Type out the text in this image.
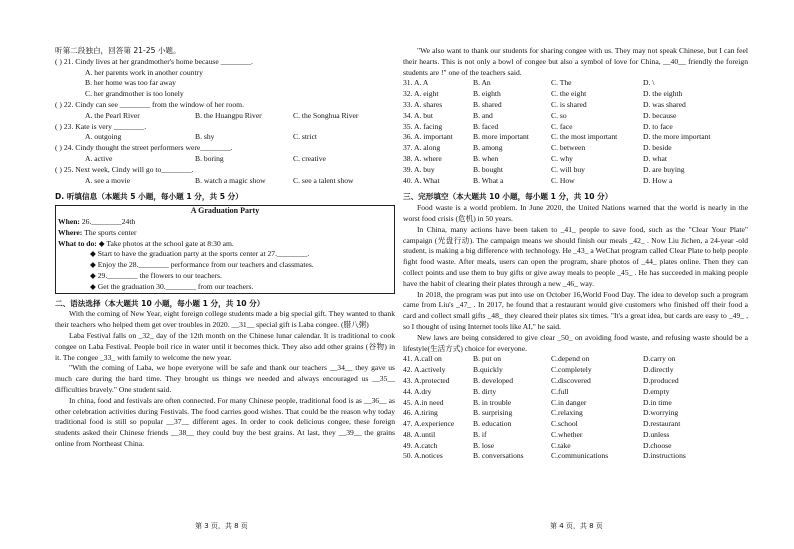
听第二段独白，回答第 21-25 小题。
( ) 21. Cindy lives at her grandmother's home because ________.
A. her parents work in another country
B. her home was too far away
C. her grandmother is too lonely
( ) 22. Cindy can see ________ from the window of her room.
A. the Pearl River	B. the Huangpu River	C. the Songhua River
( ) 23. Kate is very ________.
A. outgoing	B. shy	C. strict
( ) 24. Cindy thought the street performers were________.
A. active	B. boring	C. creative
( ) 25. Next week, Cindy will go to________.
A. see a movie	B. watch a magic show	C. see a talent show
D. 听填信息（本题共 5 小题，每小题 1 分，共 5 分）
A Graduation Party
When:
26.________24th
Where:
The sports center
What to do:
◆ Take photos at the school gate at 8:30 am.
◆ Start to have the graduation party at the sports center at 27.________.
◆ Enjoy the 28.________ performance from our teachers and classmates.
◆ 29.________ the flowers to our teachers.
◆ Get the graduation 30.________ from our teachers.
二、语法选择（本大题共 10 小题，每小题 1 分，共 10 分）

With the coming of New Year, eight foreign college students made a big special gift. They wanted to thank their teachers who helped them get over troubles in 2020. __31__ special gift is Laba congee. (腊八粥)

Laba Festival falls on _32_ day of the 12th month on the Chinese lunar calendar. It is traditional to cook congee on Laba Festival. People boil rice in water until it becomes thick. They also add other grains (谷物) in it. The congee _33_ with family to welcome the new year.

"With the coming of Laba, we hope everyone will be safe and thank our teachers __34__ they gave us much care during the hard time. They brought us things we needed and always encouraged us __35__ difficulties bravely." One student said.

In china, food and festivals are often connected. For many Chinese people, traditional food is as __36__ as other celebration activities during Festivals. The food carries good wishes. That could be the reason why today traditional food is still so popular __37__ different ages. In order to cook delicious congee, these foreign students asked their Chinese friends __38__ they could buy the best grains. At last, they __39__ the grains online from Northeast China.

"We also want to thank our students for sharing congee with us. They may not speak Chinese, but I can feel their hearts. This is not only a bowl of congee but also a symbol of love for China, __40__ friendly the foreign students are !" one of the teachers said.

31. A. A	B. An	C. The	D. \
32. A. eight	B. eighth	C. the eight	D. the eighth
33. A. shares	B. shared	C. is shared	D. was shared
34. A. but	B. and	C. so	D. because
35. A. facing	B. faced	C. face	D. to face
36. A. important	B. more important	C. the most important	D. the more important
37. A. along	B. among	C. between	D. beside
38. A. where	B. when	C. why	D. what
39. A. buy	B. bought	C. will buy	D. are buying
40. A. What	B. What a	C. How	D. How a
三、完形填空（本大题共 10 小题，每小题 1 分，共 10 分）

Food waste is a world problem. In June 2020, the United Nations warned that the world is nearly in the worst food crisis (危机) in 50 years.

In China, many actions have been taken to _41_ people to save food, such as the "Clear Your Plate" campaign (光盘行动). The campaign means we should finish our meals _42_ . Now Liu Jichen, a 24-year -old student, is making a big difference with technology. He _43_ a WeChat program called Clear Plate to help people fight food waste. After meals, users can open the program, share photos of _44_ plates online. Then they can collect points and use them to buy gifts or give away meals to people _45_ . He has succeeded in making people have the habit of clearing their plates through a new _46_ way.

In 2018, the program was put into use on October 16,World Food Day. The idea to develop such a program came from Liu's _47_ . In 2017, he found that a restaurant would give customers who finished off their food a card and collect small gifts _48_ they cleared their plates six times. "It's a great idea, but cards are easy to _49_ , so I thought of using Internet tools like AI," he said.

New laws are being considered to give clear _50_ on avoiding food waste, and refusing waste should be a lifestyle(生活方式) choice for everyone.

41. A.call on	B. put on	C.depend on	D.carry on
42. A.actively	B.quickly	C.completely	D.directly
43. A.protected	B. developed	C.discovered	D.produced
44. A.dry	B. dirty	C.full	D.empty
45. A.in need	B. in trouble	C.in danger	D.in time
46. A.tiring	B. surprising	C.relaxing	D.worrying
47. A.experience	B. education	C.school	D.restaurant
48. A.until	B. if	C.whether	D.unless
49. A.catch	B. lose	C.take	D.choose
50. A.notices	B. conversations	C.communications	D.instructions
第 3 页，共 8 页	第 4 页，共 8 页
